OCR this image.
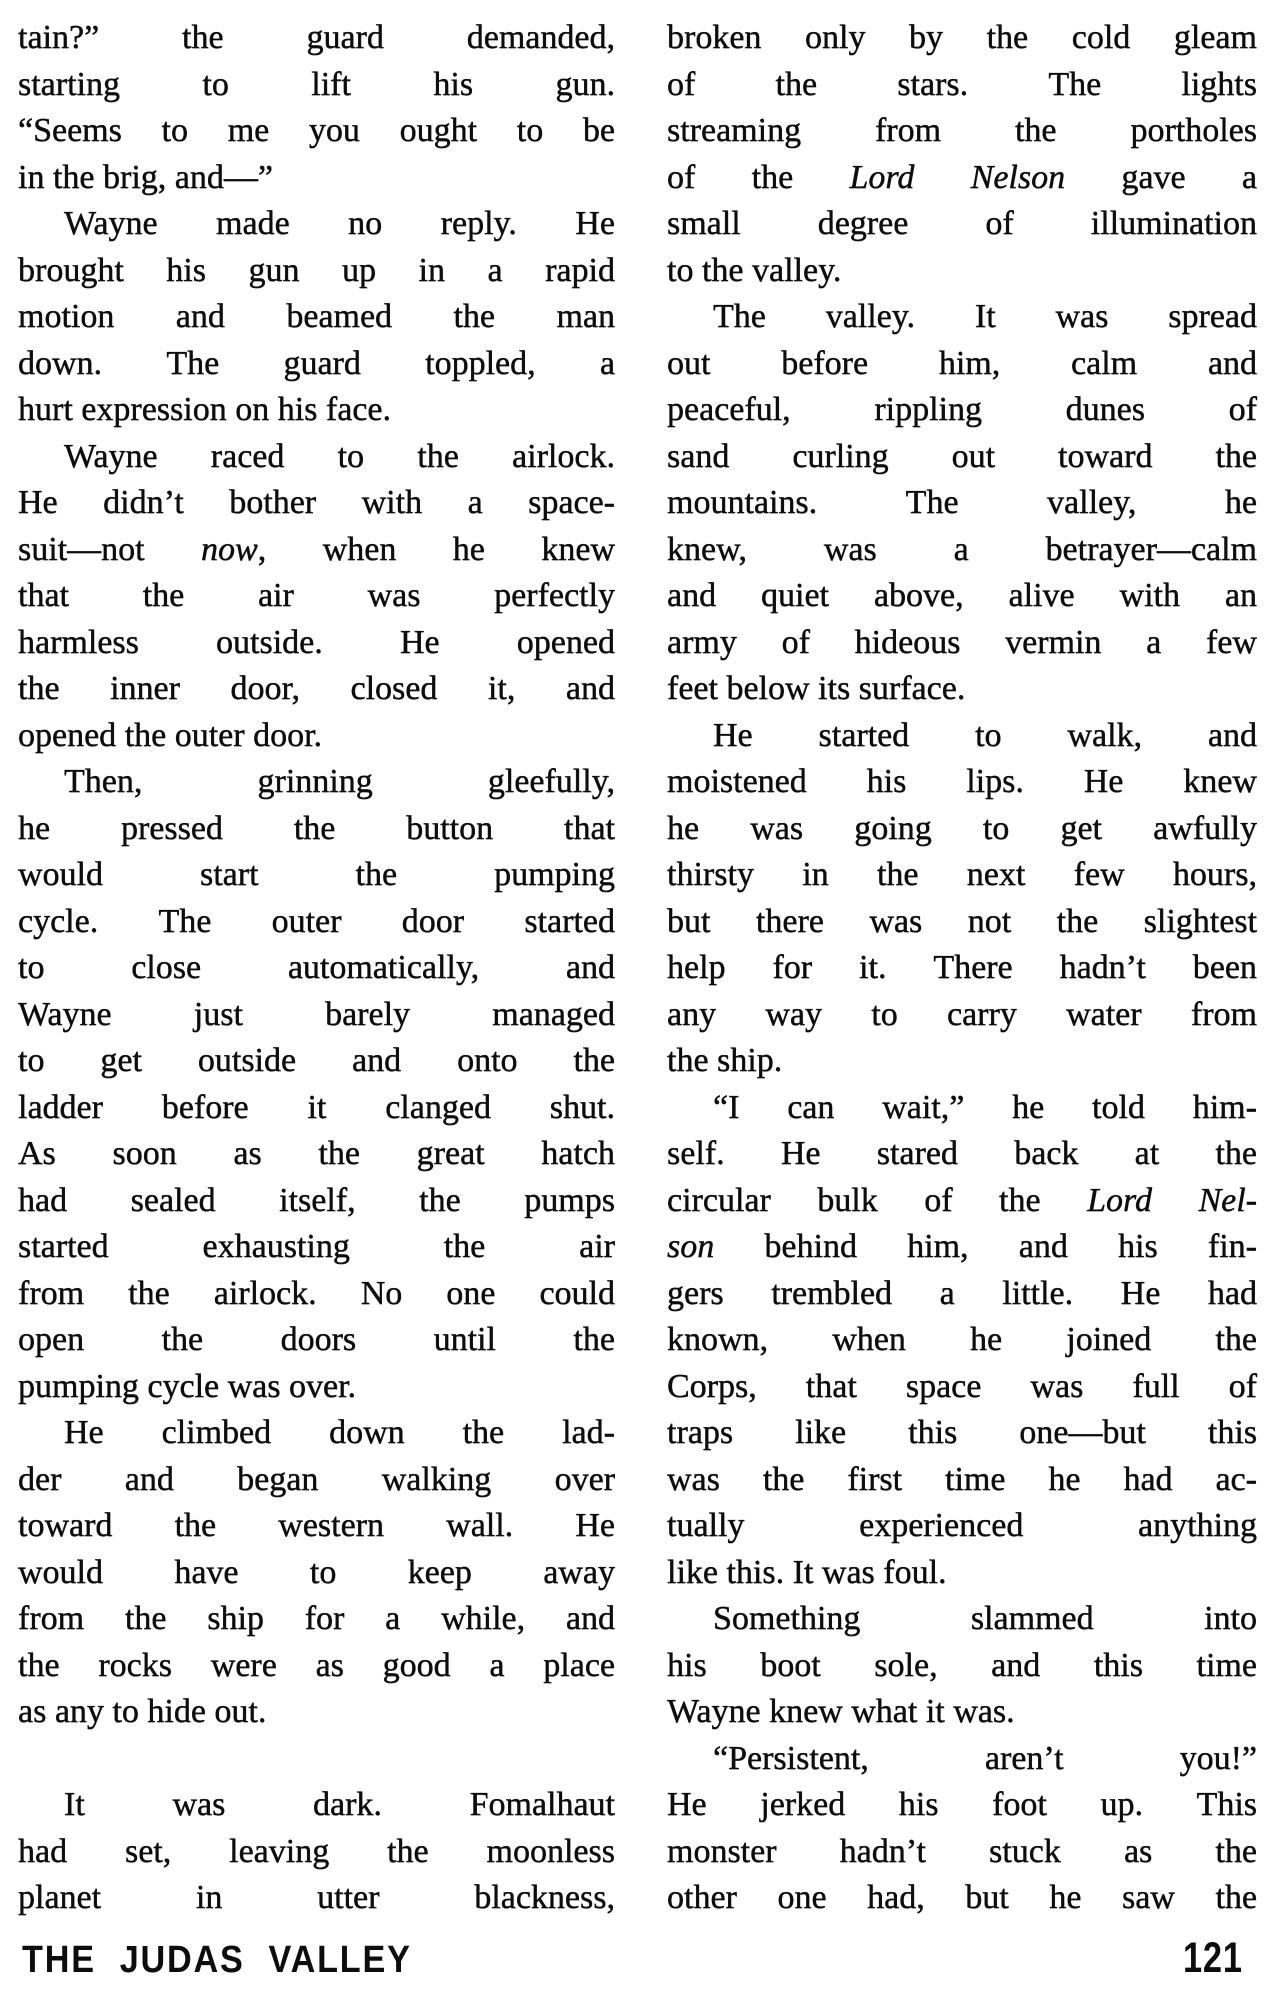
tain?” the guard demanded,
starting to lift his gun.
“Seems to me you ought to be
in the brig, and—”
Wayne made no reply. He
brought his gun up in a rapid
motion and beamed the man
down. The guard toppled, a
hurt expression on his face.
Wayne raced to the airlock.
He didn’t bother with a space-
suit—not now, when he knew
that the air was perfectly
harmless outside. He opened
the inner door, closed it, and
opened the outer door.
Then,	grinning	gleefully,
he pressed the button that
would	start	the	pumping
cycle. The outer door started
to	close	automatically,	and
Wayne just barely managed
to get outside and onto the
ladder before it clanged shut.
As soon as the great hatch
had sealed itself, the pumps
started	exhausting	the	air
from the airlock. No one could
open the doors until the
pumping cycle was over.
He climbed down the lad-
der and began walking over
toward the western wall. He
would have to keep away
from the ship for a while, and
the rocks were as good a place
as any to hide out.
It	was	dark.	Fomalhaut
had set, leaving the moonless
planet	in	utter	blackness,
broken only by the cold gleam
of the stars. The lights
streaming from the portholes
of the Lord Nelson gave a
small degree of illumination
to the valley.
The valley. It was spread
out before him, calm and
peaceful, rippling dunes of
sand curling out toward the
mountains.	The	valley,	he
knew, was a betrayer—calm
and quiet above, alive with an
army of hideous vermin a few
feet below its surface.
He started to walk, and
moistened his lips. He knew
he was going to get awfully
thirsty in the next few hours,
but there was not the slightest
help for it. There hadn’t been
any way to carry water from
the ship.
“I can wait,” he told him-
self. He stared back at the
circular bulk of the Lord Nel-
son behind him, and his fin-
gers trembled a little. He had
known, when he joined the
Corps, that space was full of
traps like this one—but this
was the first time he had ac-
tually	experienced	anything
like this. It was foul.
Something	slammed	into
his boot sole, and this time
Wayne knew what it was.
“Persistent,	aren’t	you!”
He jerked his foot up. This
monster hadn’t stuck as the
other one had, but he saw the
THE JUDAS VALLEY	121
